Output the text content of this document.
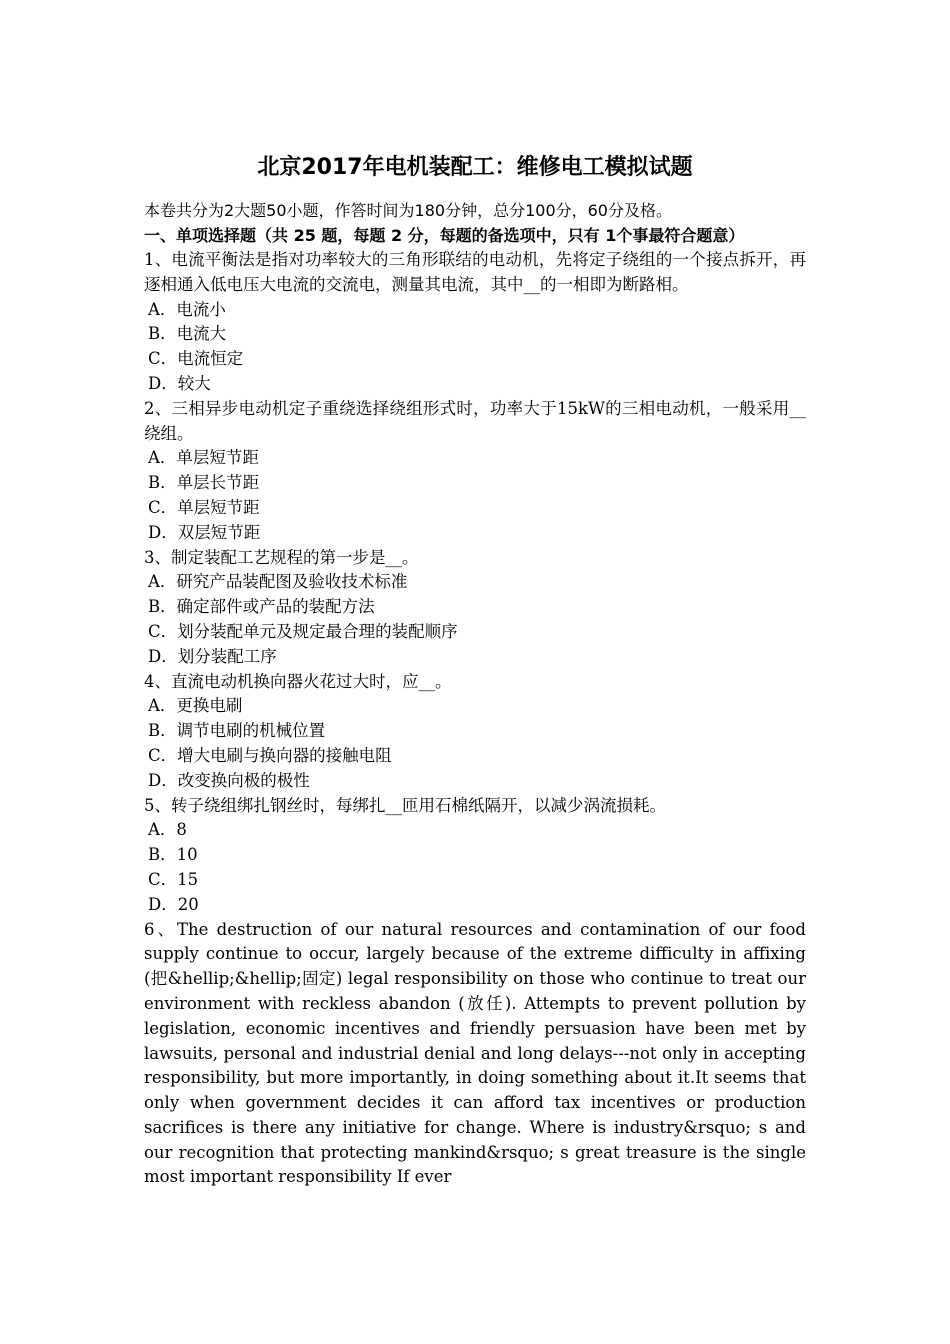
北京2017年电机装配工：维修电工模拟试题

本卷共分为2大题50小题，作答时间为180分钟，总分100分，60分及格。

一、单项选择题（共 25 题，每题 2 分，每题的备选项中，只有 1个事最符合题意）

1、电流平衡法是指对功率较大的三角形联结的电动机，先将定子绕组的一个接点拆开，再逐相通入低电压大电流的交流电，测量其电流，其中__的一相即为断路相。

A．电流小

B．电流大

C．电流恒定

D．较大

2、三相异步电动机定子重绕选择绕组形式时，功率大于15kW的三相电动机，一般采用__绕组。

A．单层短节距

B．单层长节距

C．单层短节距

D．双层短节距

3、制定装配工艺规程的第一步是__。

A．研究产品装配图及验收技术标准

B．确定部件或产品的装配方法

C．划分装配单元及规定最合理的装配顺序

D．划分装配工序

4、直流电动机换向器火花过大时，应__。

A．更换电刷

B．调节电刷的机械位置

C．增大电刷与换向器的接触电阻

D．改变换向极的极性

5、转子绕组绑扎钢丝时，每绑扎__匝用石棉纸隔开，以减少涡流损耗。

A．8

B．10

C．15

D．20

6、The destruction of our natural resources and contamination of our food supply continue to occur, largely because of the extreme difficulty in affixing (把&hellip;&hellip;固定) legal responsibility on those who continue to treat our environment with reckless abandon (放任). Attempts to prevent pollution by legislation, economic incentives and friendly persuasion have been met by lawsuits, personal and industrial denial and long delays---not only in accepting responsibility, but more importantly, in doing something about it.It seems that only when government decides it can afford tax incentives or production sacrifices is there any initiative for change. Where is industry&rsquo; s and our recognition that protecting mankind&rsquo; s great treasure is the single most important responsibility If ever
